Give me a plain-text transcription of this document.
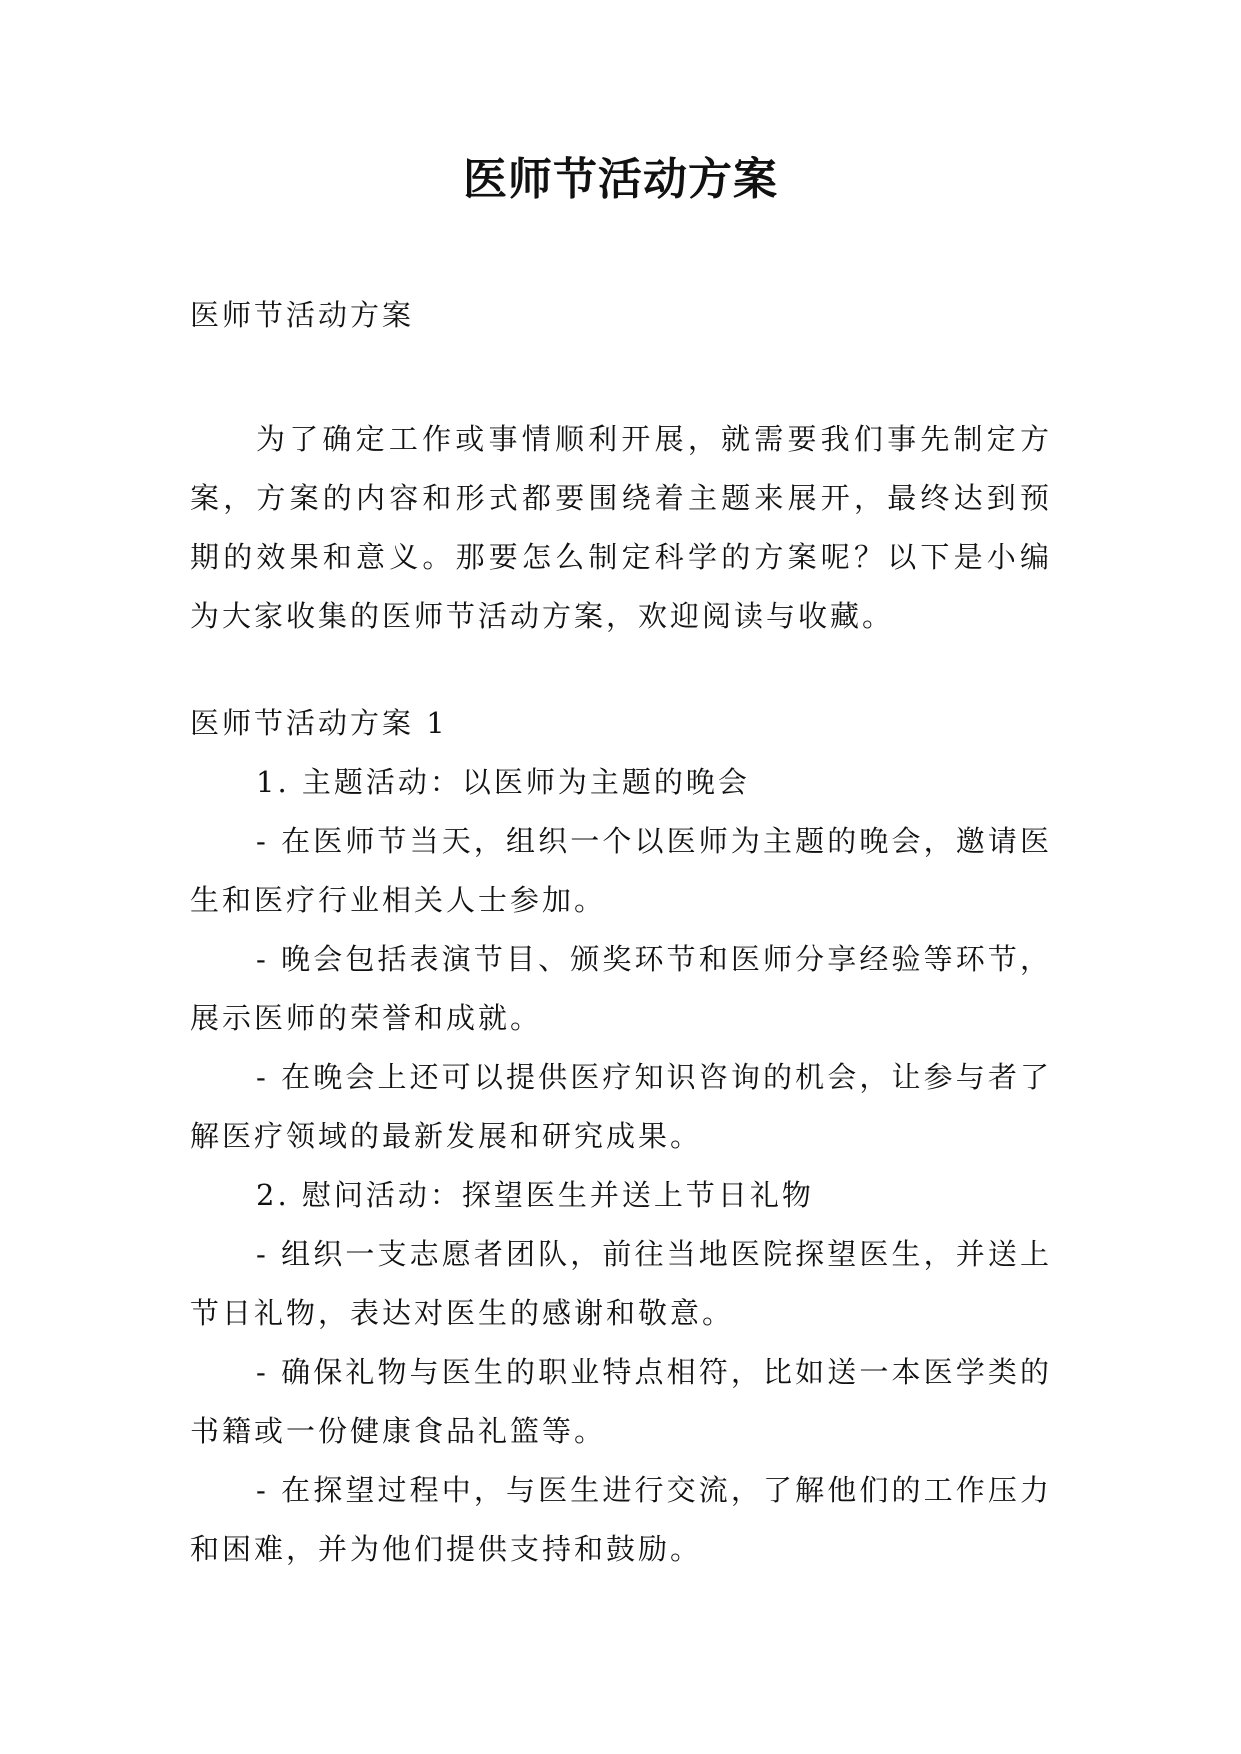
医师节活动方案

医师节活动方案

为了确定工作或事情顺利开展，就需要我们事先制定方案，方案的内容和形式都要围绕着主题来展开，最终达到预期的效果和意义。那要怎么制定科学的方案呢？以下是小编为大家收集的医师节活动方案，欢迎阅读与收藏。

医师节活动方案 1

1. 主题活动：以医师为主题的晚会

- 在医师节当天，组织一个以医师为主题的晚会，邀请医生和医疗行业相关人士参加。

- 晚会包括表演节目、颁奖环节和医师分享经验等环节，展示医师的荣誉和成就。

- 在晚会上还可以提供医疗知识咨询的机会，让参与者了解医疗领域的最新发展和研究成果。

2. 慰问活动：探望医生并送上节日礼物

- 组织一支志愿者团队，前往当地医院探望医生，并送上节日礼物，表达对医生的感谢和敬意。

- 确保礼物与医生的职业特点相符，比如送一本医学类的书籍或一份健康食品礼篮等。

- 在探望过程中，与医生进行交流，了解他们的工作压力和困难，并为他们提供支持和鼓励。
